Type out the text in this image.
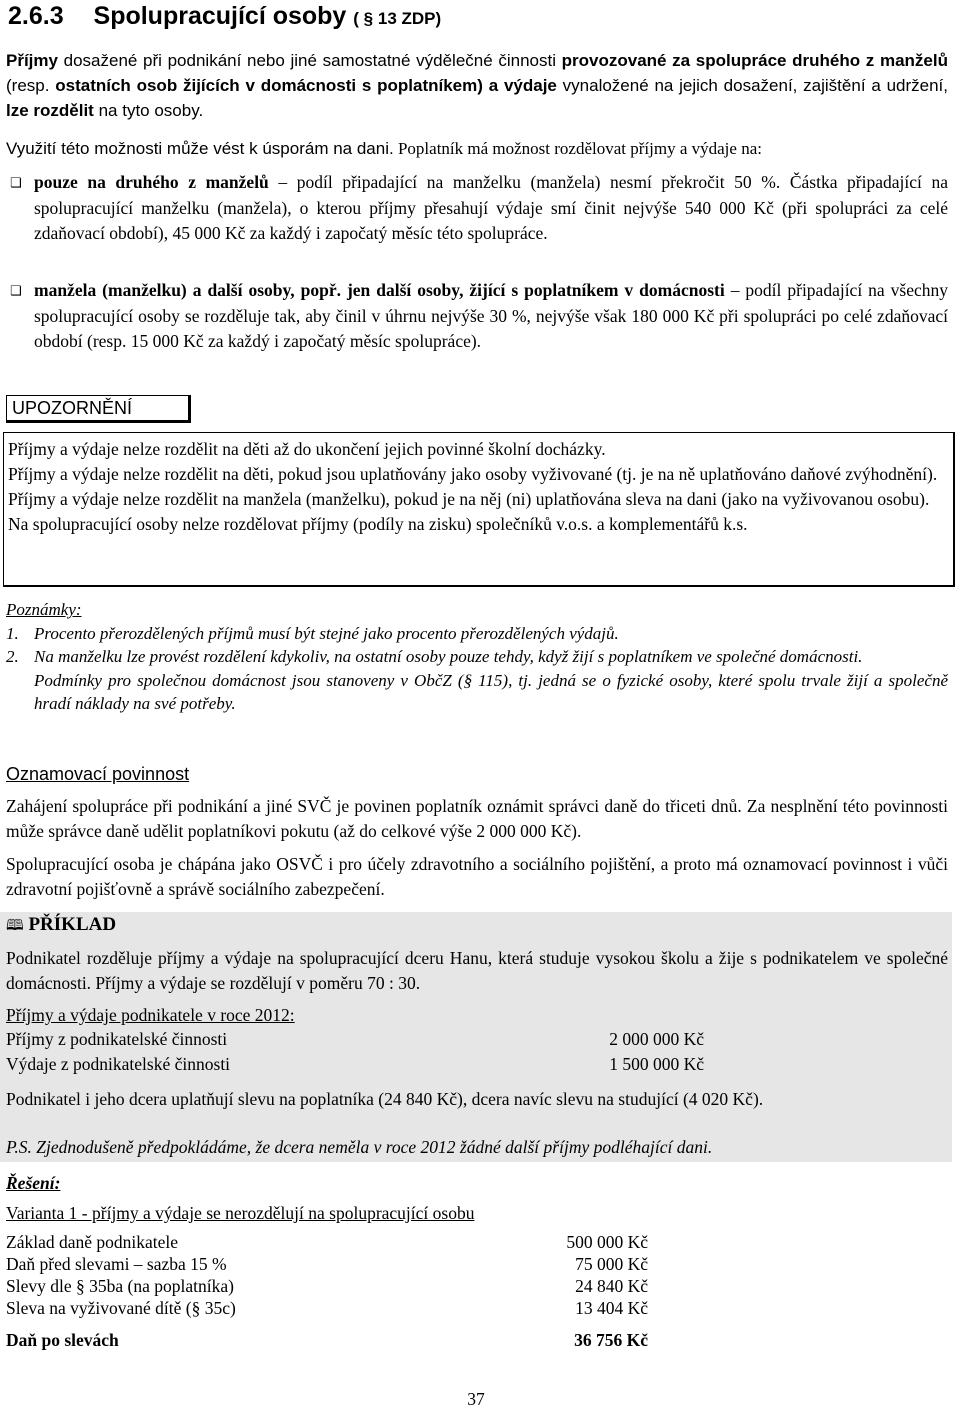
2.6.3 Spolupracující osoby ( § 13 ZDP)

Příjmy dosažené při podnikání nebo jiné samostatné výdělečné činnosti provozované za spolupráce druhého z manželů (resp. ostatních osob žijících v domácnosti s poplatníkem) a výdaje vynaložené na jejich dosažení, zajištění a udržení, lze rozdělit na tyto osoby.

Využití této možnosti může vést k úsporám na dani. Poplatník má možnost rozdělovat příjmy a výdaje na:

❑ pouze na druhého z manželů – podíl připadající na manželku (manžela) nesmí překročit 50 %. Částka připadající na spolupracující manželku (manžela), o kterou příjmy přesahují výdaje smí činit nejvýše 540 000 Kč (při spolupráci za celé zdaňovací období), 45 000 Kč za každý i započatý měsíc této spolupráce.

❑ manžela (manželku) a další osoby, popř. jen další osoby, žijící s poplatníkem v domácnosti – podíl připadající na všechny spolupracující osoby se rozděluje tak, aby činil v úhrnu nejvýše 30 %, nejvýše však 180 000 Kč při spolupráci po celé zdaňovací období (resp. 15 000 Kč za každý i započatý měsíc spolupráce).

UPOZORNĚNÍ

Příjmy a výdaje nelze rozdělit na děti až do ukončení jejich povinné školní docházky.

Příjmy a výdaje nelze rozdělit na děti, pokud jsou uplatňovány jako osoby vyživované (tj. je na ně uplatňováno daňové zvýhodnění).

Příjmy a výdaje nelze rozdělit na manžela (manželku), pokud je na něj (ni) uplatňována sleva na dani (jako na vyživovanou osobu).

Na spolupracující osoby nelze rozdělovat příjmy (podíly na zisku) společníků v.o.s. a komplementářů k.s.

Poznámky:

1. Procento přerozdělených příjmů musí být stejné jako procento přerozdělených výdajů.

2. Na manželku lze provést rozdělení kdykoliv, na ostatní osoby pouze tehdy, když žijí s poplatníkem ve společné domácnosti.

Podmínky pro společnou domácnost jsou stanoveny v ObčZ (§ 115), tj. jedná se o fyzické osoby, které spolu trvale žijí a společně hradí náklady na své potřeby.

Oznamovací povinnost

Zahájení spolupráce při podnikání a jiné SVČ je povinen poplatník oznámit správci daně do třiceti dnů. Za nesplnění této povinnosti může správce daně udělit poplatníkovi pokutu (až do celkové výše 2 000 000 Kč).

Spolupracující osoba je chápána jako OSVČ i pro účely zdravotního a sociálního pojištění, a proto má oznamovací povinnost i vůči zdravotní pojišťovně a správě sociálního zabezpečení.

🕮 PŘÍKLAD

Podnikatel rozděluje příjmy a výdaje na spolupracující dceru Hanu, která studuje vysokou školu a žije s podnikatelem ve společné domácnosti. Příjmy a výdaje se rozdělují v poměru 70 : 30.

Příjmy a výdaje podnikatele v roce 2012:

Příjmy z podnikatelské činnosti	2 000 000 Kč
Výdaje z podnikatelské činnosti	1 500 000 Kč

Podnikatel i jeho dcera uplatňují slevu na poplatníka (24 840 Kč), dcera navíc slevu na studující (4 020 Kč).

P.S. Zjednodušeně předpokládáme, že dcera neměla v roce 2012 žádné další příjmy podléhající dani.

Řešení:

Varianta 1 - příjmy a výdaje se nerozdělují na spolupracující osobu

Základ daně podnikatele	500 000 Kč
Daň před slevami – sazba 15 %	75 000 Kč
Slevy dle § 35ba (na poplatníka)	24 840 Kč
Sleva na vyživované dítě (§ 35c)	13 404 Kč
Daň po slevách	36 756 Kč
37
